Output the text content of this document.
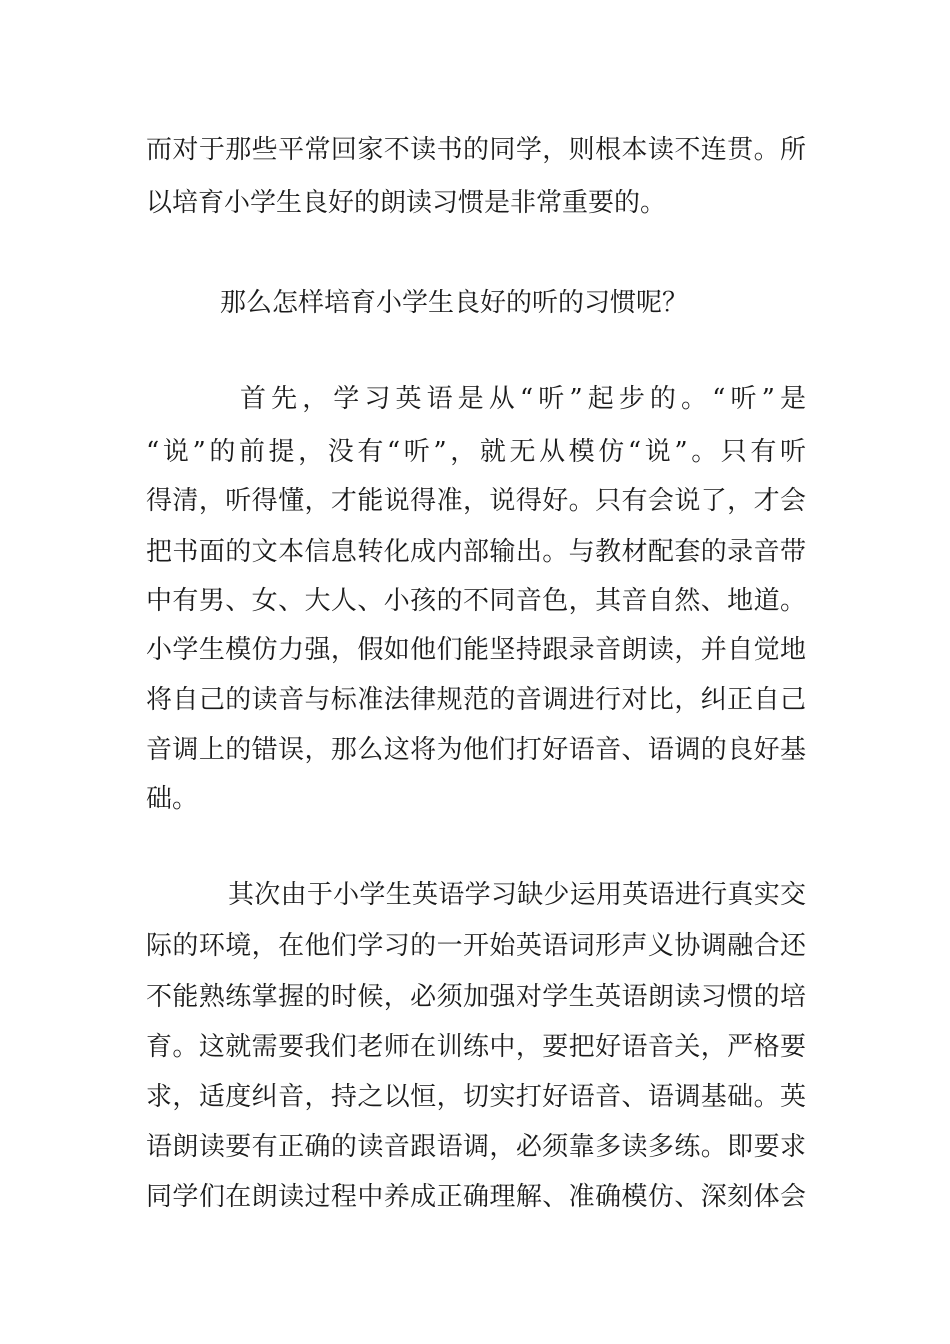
而对于那些平常回家不读书的同学，则根本读不连贯。所

以培育小学生良好的朗读习惯是非常重要的。

那么怎样培育小学生良好的听的习惯呢？

首先，学习英语是从“听”起步的。“听”是

“说”的前提，没有“听”，就无从模仿“说”。只有听

得清，听得懂，才能说得准，说得好。只有会说了，才会

把书面的文本信息转化成内部输出。与教材配套的录音带

中有男、女、大人、小孩的不同音色，其音自然、地道。

小学生模仿力强，假如他们能坚持跟录音朗读，并自觉地

将自己的读音与标准法律规范的音调进行对比，纠正自己

音调上的错误，那么这将为他们打好语音、语调的良好基

础。

其次由于小学生英语学习缺少运用英语进行真实交

际的环境，在他们学习的一开始英语词形声义协调融合还

不能熟练掌握的时候，必须加强对学生英语朗读习惯的培

育。这就需要我们老师在训练中，要把好语音关，严格要

求，适度纠音，持之以恒，切实打好语音、语调基础。英

语朗读要有正确的读音跟语调，必须靠多读多练。即要求

同学们在朗读过程中养成正确理解、准确模仿、深刻体会
